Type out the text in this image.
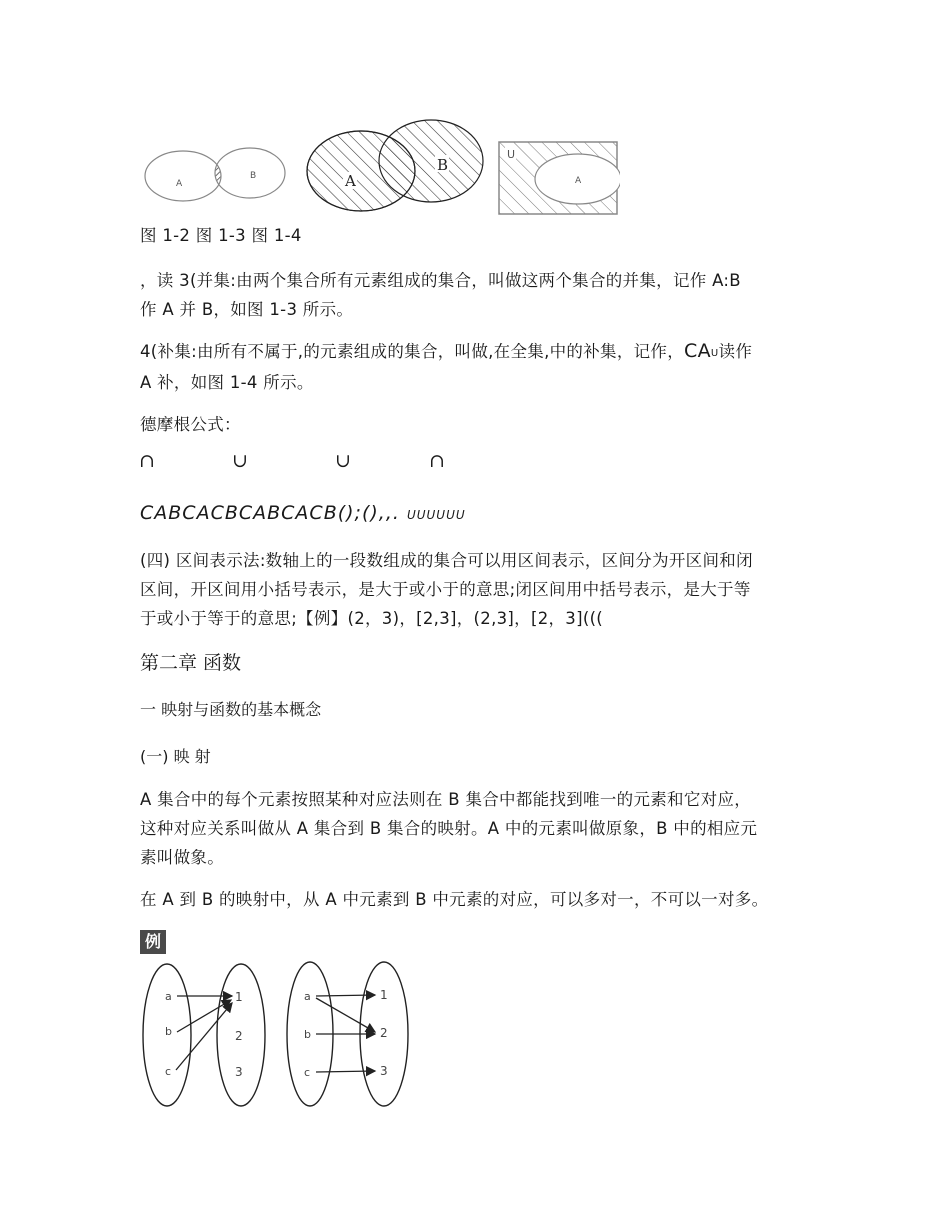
A
B	A
B
U
A
图 1-2 图 1-3 图 1-4
，读 3(并集:由两个集合所有元素组成的集合，叫做这两个集合的并集，记作 A:B
作 A 并 B，如图 1-3 所示。
4(补集:由所有不属于,的元素组成的集合，叫做,在全集,中的补集，记作，$CA_U$读作
A 补，如图 1-4 所示。
德摩根公式：
∩	∪	∪	∩
CABCACBCABCACB();(),,. UUUUUU
(四) 区间表示法:数轴上的一段数组成的集合可以用区间表示，区间分为开区间和闭
区间，开区间用小括号表示，是大于或小于的意思;闭区间用中括号表示，是大于等
于或小于等于的意思;【例】(2，3)，[2,3]，(2,3]，[2，3](((
第二章 函数
一 映射与函数的基本概念
(一) 映 射
A 集合中的每个元素按照某种对应法则在 B 集合中都能找到唯一的元素和它对应，
这种对应关系叫做从 A 集合到 B 集合的映射。A 中的元素叫做原象，B 中的相应元
素叫做象。
在 A 到 B 的映射中，从 A 中元素到 B 中元素的对应，可以多对一，不可以一对多。
例
a
b
c
1
2
3
a
b
c
1
2
3
